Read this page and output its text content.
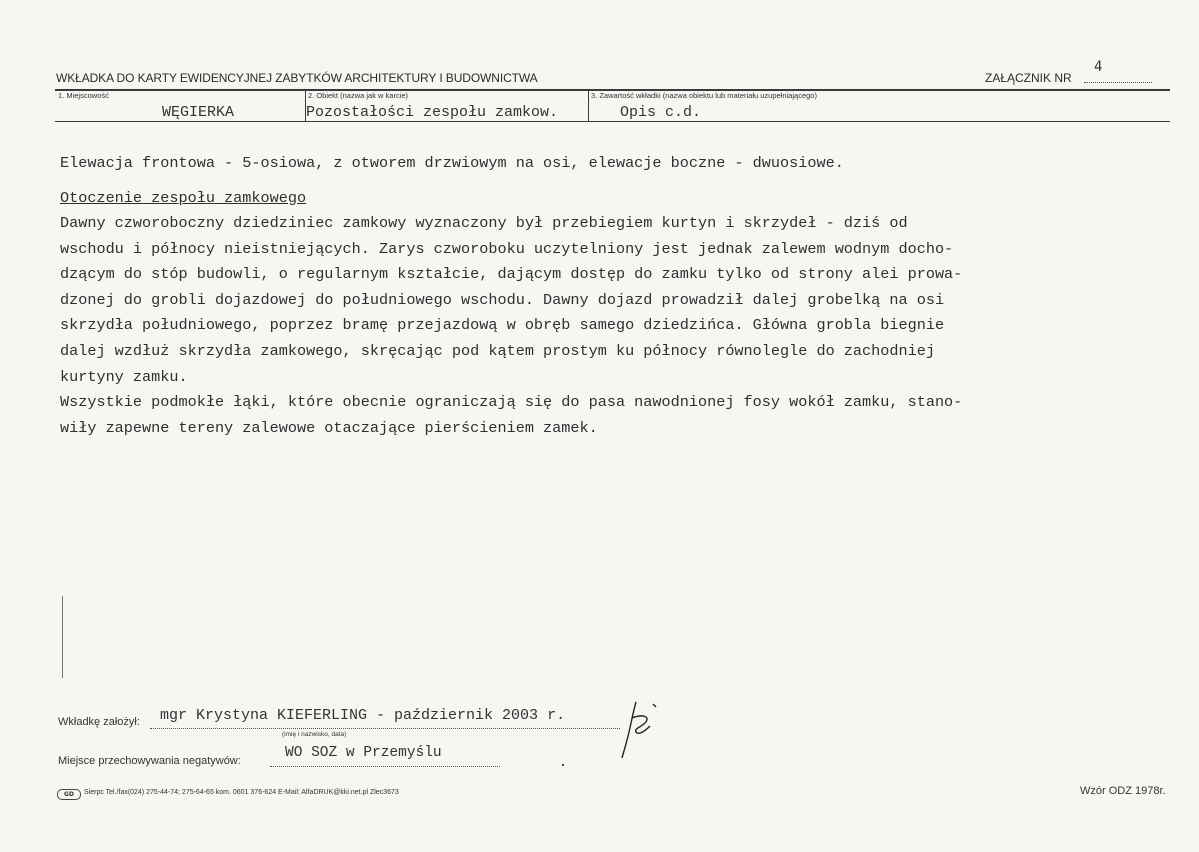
WKŁADKA DO KARTY EWIDENCYJNEJ ZABYTKÓW ARCHITEKTURY I BUDOWNICTWA	ZAŁĄCZNIK NR
4
1. Miejscowość
WĘGIERKA
2. Obiekt (nazwa jak w karcie)
Pozostałości zespołu zamkow.
3. Zawartość wkładki (nazwa obiektu lub materiału uzupełniającego)
Opis c.d.
Elewacja frontowa - 5-osiowa, z otworem drzwiowym na osi, elewacje boczne - dwuosiowe.
Otoczenie zespołu zamkowego
Dawny czworoboczny dziedziniec zamkowy wyznaczony był przebiegiem kurtyn i skrzydeł - dziś od
wschodu i północy nieistniejących. Zarys czworoboku uczytelniony jest jednak zalewem wodnym docho-
dzącym do stóp budowli, o regularnym kształcie, dającym dostęp do zamku tylko od strony alei prowa-
dzonej do grobli dojazdowej do południowego wschodu. Dawny dojazd prowadził dalej grobelką na osi
skrzydła południowego, poprzez bramę przejazdową w obręb samego dziedzińca. Główna grobla biegnie
dalej wzdłuż skrzydła zamkowego, skręcając pod kątem prostym ku północy równolegle do zachodniej
kurtyny zamku.
Wszystkie podmokłe łąki, które obecnie ograniczają się do pasa nawodnionej fosy wokół zamku, stano-
wiły zapewne tereny zalewowe otaczające pierścieniem zamek.
Wkładkę założył: mgr Krystyna KIEFERLING - październik 2003 r.
(imię i nazwisko, data)
Miejsce przechowywania negatywów:	WO SOZ w Przemyślu
GD	Sierpc Tel./fax(024) 275-44-74; 275-64-65 kom. 0601 376-624 E-Mail: AlfaDRUK@kki.net.pl Zlec3673	Wzór ODZ 1978r.
